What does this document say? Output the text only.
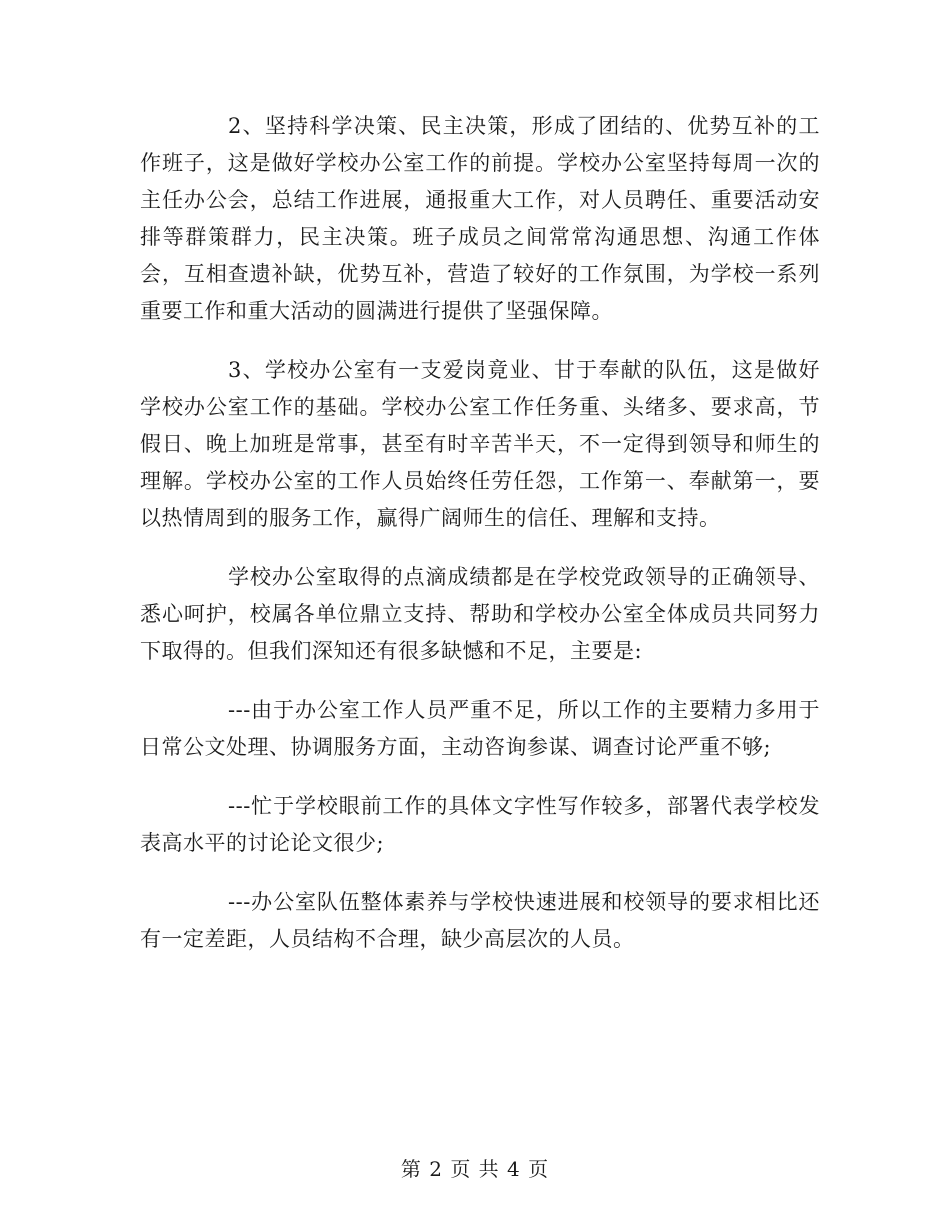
2、坚持科学决策、民主决策，形成了团结的、优势互补的工作班子，这是做好学校办公室工作的前提。学校办公室坚持每周一次的主任办公会，总结工作进展，通报重大工作，对人员聘任、重要活动安排等群策群力，民主决策。班子成员之间常常沟通思想、沟通工作体会，互相查遗补缺，优势互补，营造了较好的工作氛围，为学校一系列重要工作和重大活动的圆满进行提供了坚强保障。

3、学校办公室有一支爱岗竟业、甘于奉献的队伍，这是做好学校办公室工作的基础。学校办公室工作任务重、头绪多、要求高，节假日、晚上加班是常事，甚至有时辛苦半天，不一定得到领导和师生的理解。学校办公室的工作人员始终任劳任怨，工作第一、奉献第一，要以热情周到的服务工作，赢得广阔师生的信任、理解和支持。

学校办公室取得的点滴成绩都是在学校党政领导的正确领导、悉心呵护，校属各单位鼎立支持、帮助和学校办公室全体成员共同努力下取得的。但我们深知还有很多缺憾和不足，主要是:

---由于办公室工作人员严重不足，所以工作的主要精力多用于日常公文处理、协调服务方面，主动咨询参谋、调查讨论严重不够;

---忙于学校眼前工作的具体文字性写作较多，部署代表学校发表高水平的讨论论文很少;

---办公室队伍整体素养与学校快速进展和校领导的要求相比还有一定差距，人员结构不合理，缺少高层次的人员。

第 2 页 共 4 页
